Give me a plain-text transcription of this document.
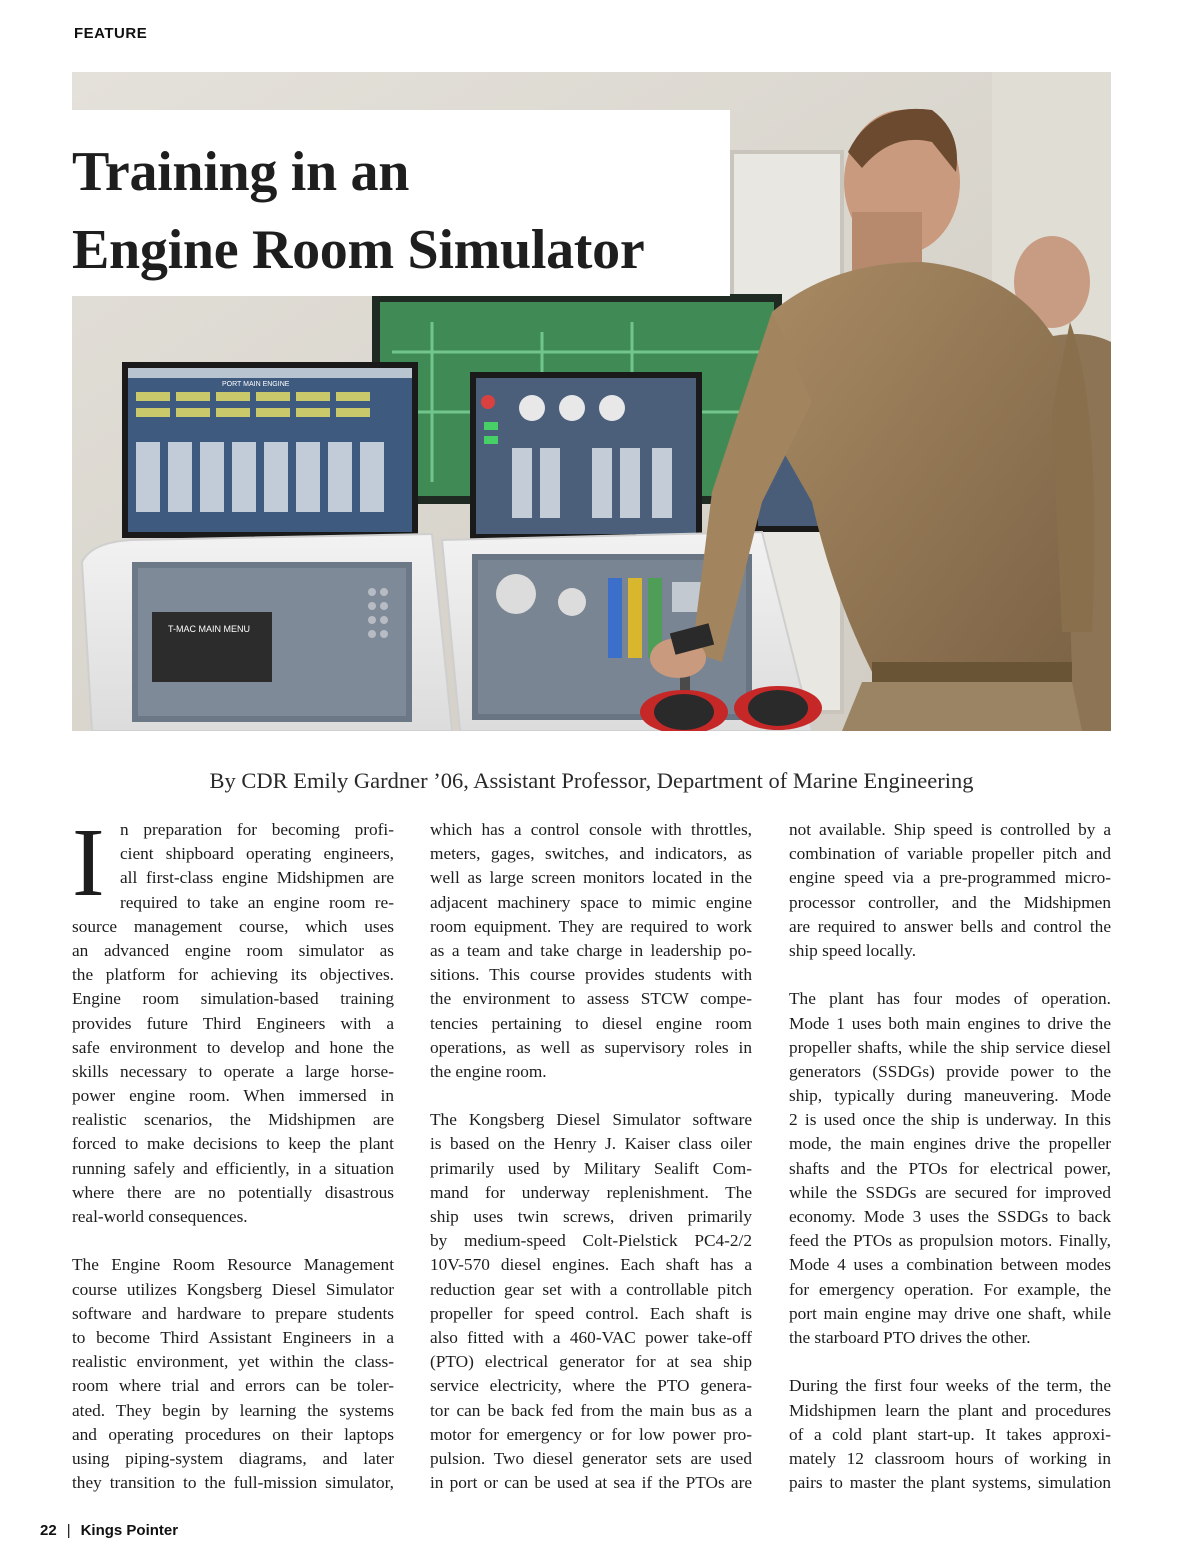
FEATURE
PORT MAIN ENGINE
T-MAC MAIN MENU
Training in an
Engine Room Simulator
By CDR Emily Gardner ’06, Assistant Professor, Department of Marine Engineering
I n preparation for becoming profi-
cient shipboard operating engineers,
all first-class engine Midshipmen are
required to take an engine room re-
source management course, which uses
an advanced engine room simulator as
the platform for achieving its objectives.
Engine room simulation-based training
provides future Third Engineers with a
safe environment to develop and hone the
skills necessary to operate a large horse-
power engine room. When immersed in
realistic scenarios, the Midshipmen are
forced to make decisions to keep the plant
running safely and efficiently, in a situation
where there are no potentially disastrous
real-world consequences.
The Engine Room Resource Management
course utilizes Kongsberg Diesel Simulator
software and hardware to prepare students
to become Third Assistant Engineers in a
realistic environment, yet within the class-
room where trial and errors can be toler-
ated. They begin by learning the systems
and operating procedures on their laptops
using piping-system diagrams, and later
they transition to the full-mission simulator,
which has a control console with throttles,
meters, gages, switches, and indicators, as
well as large screen monitors located in the
adjacent machinery space to mimic engine
room equipment. They are required to work
as a team and take charge in leadership po-
sitions. This course provides students with
the environment to assess STCW compe-
tencies pertaining to diesel engine room
operations, as well as supervisory roles in
the engine room.
The Kongsberg Diesel Simulator software
is based on the Henry J. Kaiser class oiler
primarily used by Military Sealift Com-
mand for underway replenishment. The
ship uses twin screws, driven primarily
by medium-speed Colt-Pielstick PC4-2/2
10V-570 diesel engines. Each shaft has a
reduction gear set with a controllable pitch
propeller for speed control. Each shaft is
also fitted with a 460-VAC power take-off
(PTO) electrical generator for at sea ship
service electricity, where the PTO genera-
tor can be back fed from the main bus as a
motor for emergency or for low power pro-
pulsion. Two diesel generator sets are used
in port or can be used at sea if the PTOs are
not available. Ship speed is controlled by a
combination of variable propeller pitch and
engine speed via a pre-programmed micro-
processor controller, and the Midshipmen
are required to answer bells and control the
ship speed locally.
The plant has four modes of operation.
Mode 1 uses both main engines to drive the
propeller shafts, while the ship service diesel
generators (SSDGs) provide power to the
ship, typically during maneuvering. Mode
2 is used once the ship is underway. In this
mode, the main engines drive the propeller
shafts and the PTOs for electrical power,
while the SSDGs are secured for improved
economy. Mode 3 uses the SSDGs to back
feed the PTOs as propulsion motors. Finally,
Mode 4 uses a combination between modes
for emergency operation. For example, the
port main engine may drive one shaft, while
the starboard PTO drives the other.
During the first four weeks of the term, the
Midshipmen learn the plant and procedures
of a cold plant start-up. It takes approxi-
mately 12 classroom hours of working in
pairs to master the plant systems, simulation
22 | Kings Pointer
